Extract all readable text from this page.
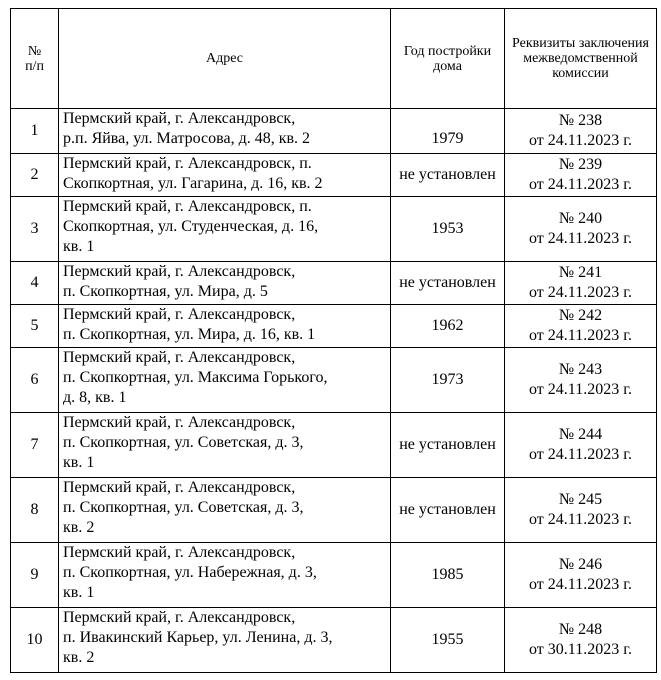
№ п/п	Адрес	Год постройки дома	Реквизиты заключения межведомственной комиссии
1	Пермский край, г. Александровск,
р.п. Яйва, ул. Матросова, д. 48, кв. 2	1979	№ 238
от 24.11.2023 г.

2	Пермский край, г. Александровск, п.
Скопкортная, ул. Гагарина, д. 16, кв. 2	не установлен	№ 239
от 24.11.2023 г.

3	Пермский край, г. Александровск, п.
Скопкортная, ул. Студенческая, д. 16,
кв. 1	1953	№ 240
от 24.11.2023 г.

4	Пермский край, г. Александровск,
п. Скопкортная, ул. Мира, д. 5	не установлен	№ 241
от 24.11.2023 г.

5	Пермский край, г. Александровск,
п. Скопкортная, ул. Мира, д. 16, кв. 1	1962	№ 242
от 24.11.2023 г.

6	Пермский край, г. Александровск,
п. Скопкортная, ул. Максима Горького,
д. 8, кв. 1	1973	№ 243
от 24.11.2023 г.

7	Пермский край, г. Александровск,
п. Скопкортная, ул. Советская, д. 3,
кв. 1	не установлен	№ 244
от 24.11.2023 г.

8	Пермский край, г. Александровск,
п. Скопкортная, ул. Советская, д. 3,
кв. 2	не установлен	№ 245
от 24.11.2023 г.

9	Пермский край, г. Александровск,
п. Скопкортная, ул. Набережная, д. 3,
кв. 1	1985	№ 246
от 24.11.2023 г.

10	Пермский край, г. Александровск,
п. Ивакинский Карьер, ул. Ленина, д. 3,
кв. 2	1955	№ 248
от 30.11.2023 г.
